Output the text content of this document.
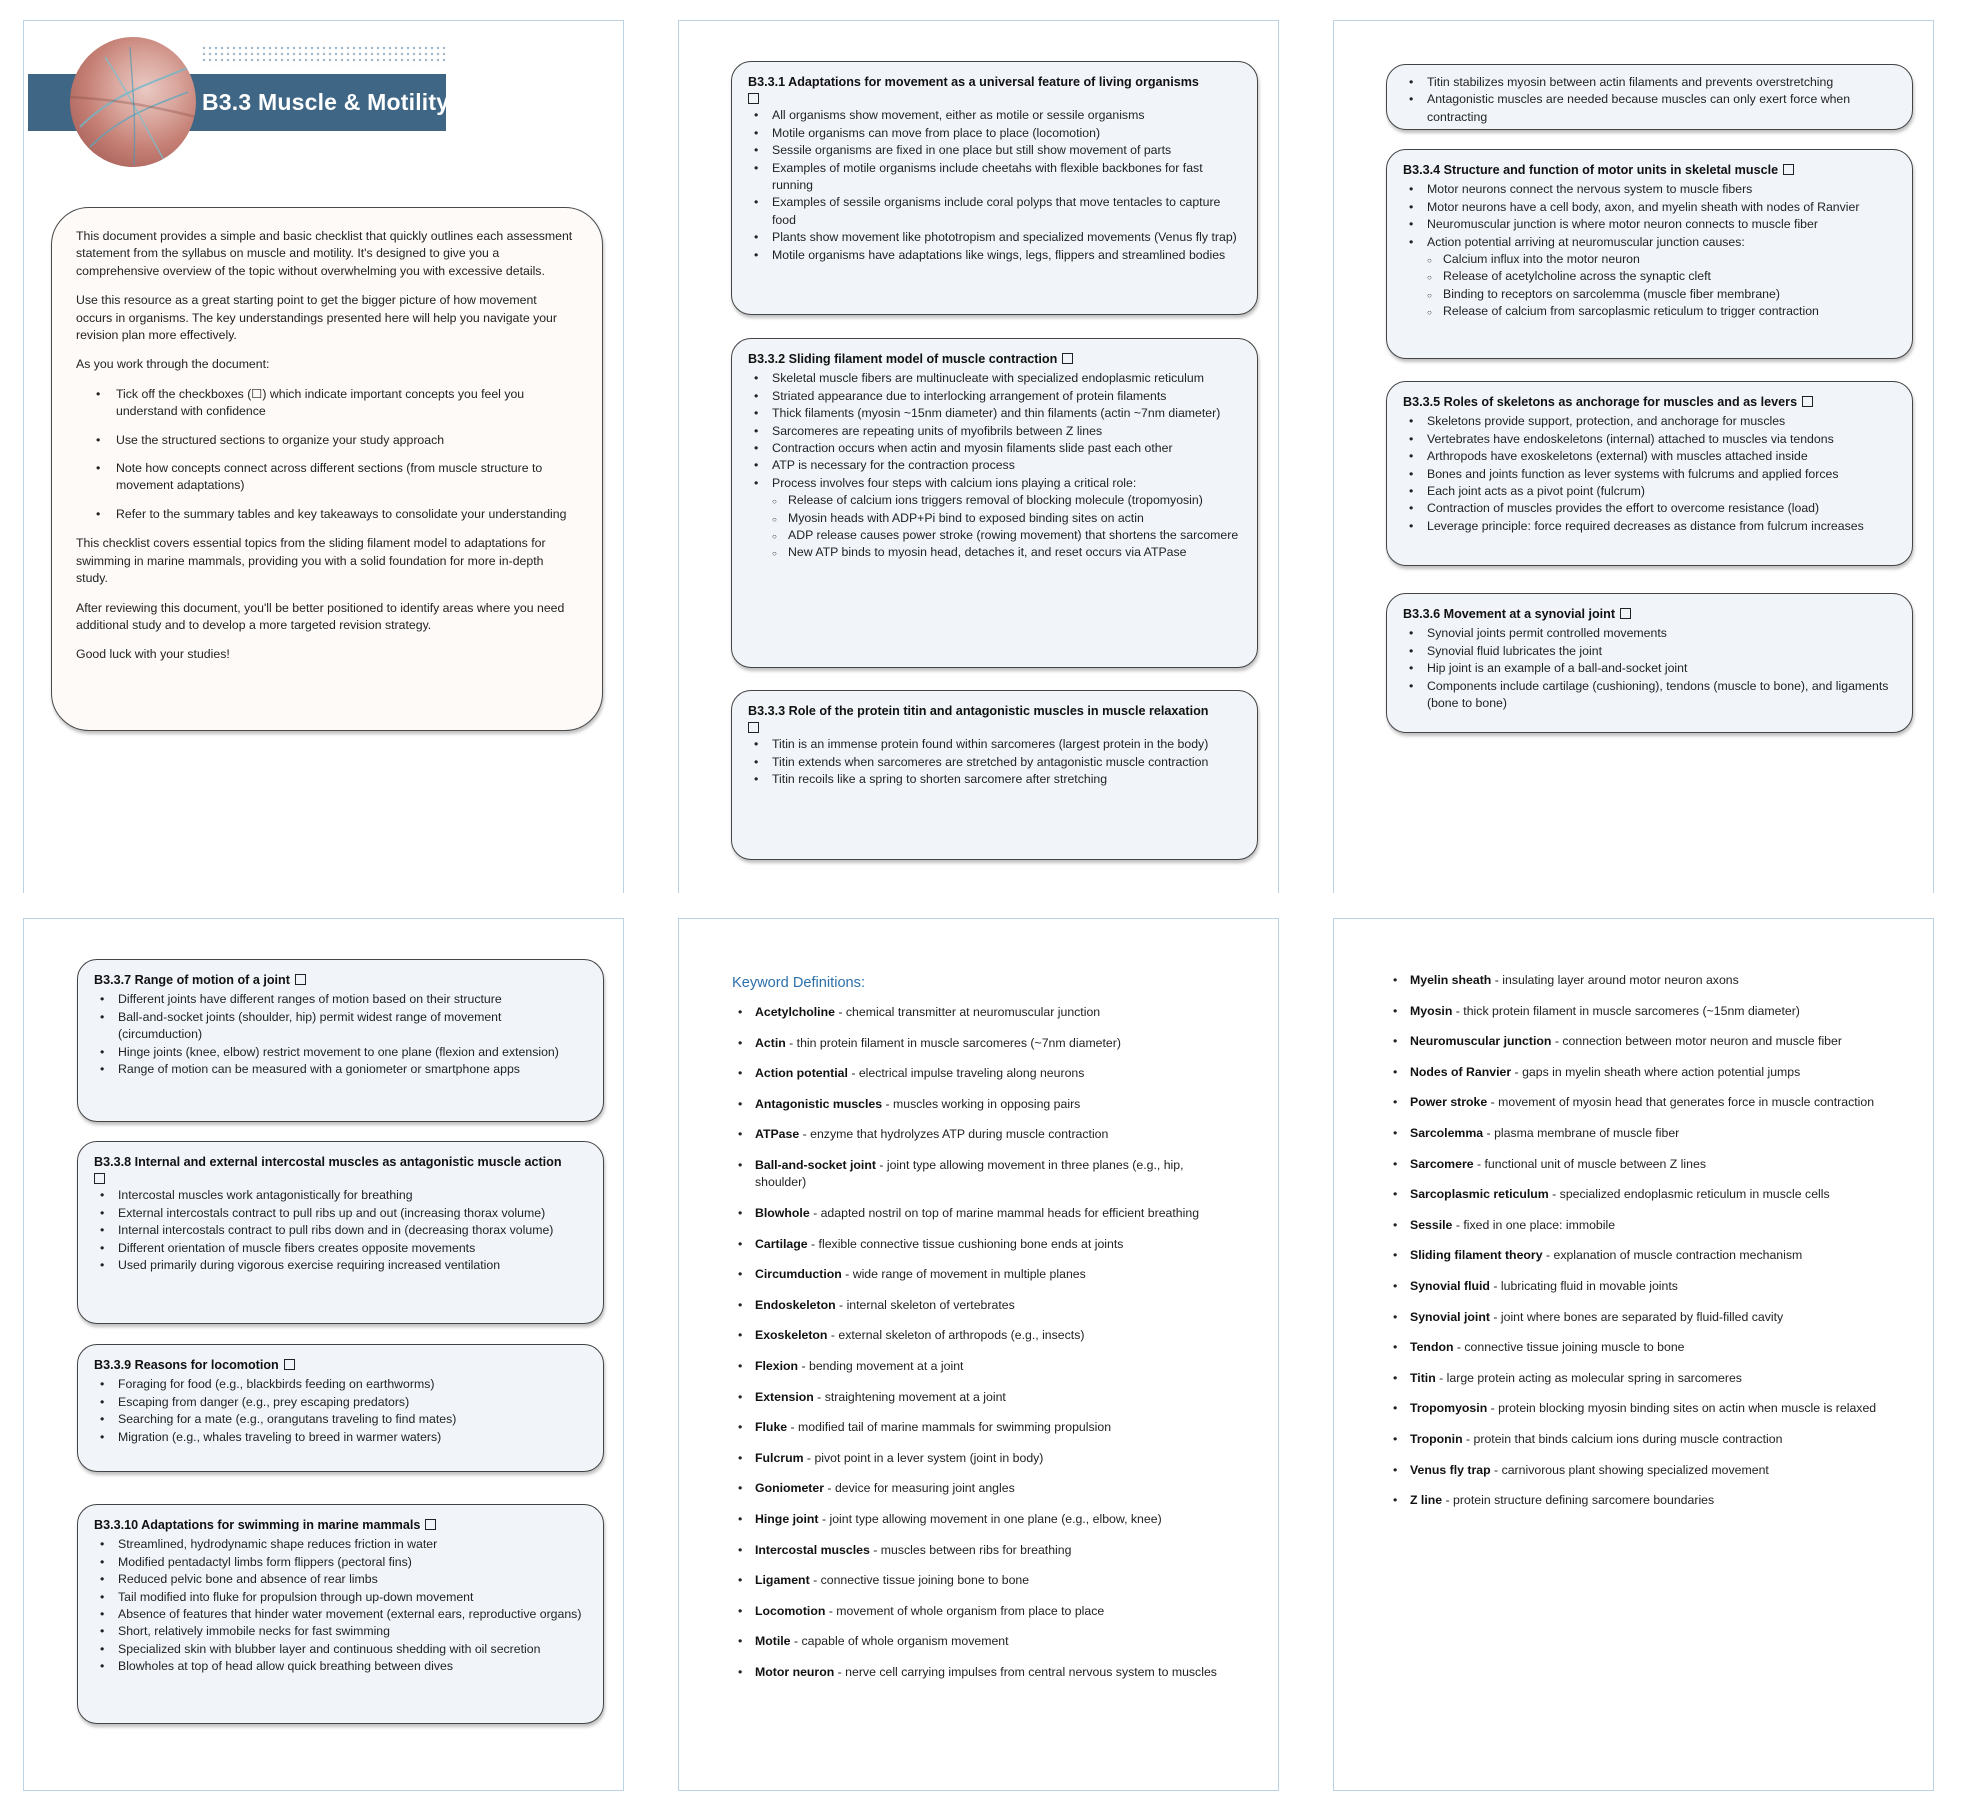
B3.3 Muscle & Motility

This document provides a simple and basic checklist that quickly outlines each assessment statement from the syllabus on muscle and motility. It's designed to give you a comprehensive overview of the topic without overwhelming you with excessive details.

Use this resource as a great starting point to get the bigger picture of how movement occurs in organisms. The key understandings presented here will help you navigate your revision plan more effectively.

As you work through the document:

• Tick off the checkboxes (☐) which indicate important concepts you feel you understand with confidence
• Use the structured sections to organize your study approach
• Note how concepts connect across different sections (from muscle structure to movement adaptations)
• Refer to the summary tables and key takeaways to consolidate your understanding

This checklist covers essential topics from the sliding filament model to adaptations for swimming in marine mammals, providing you with a solid foundation for more in-depth study.

After reviewing this document, you'll be better positioned to identify areas where you need additional study and to develop a more targeted revision strategy.

Good luck with your studies!

B3.3.1 Adaptations for movement as a universal feature of living organisms
• All organisms show movement, either as motile or sessile organisms
• Motile organisms can move from place to place (locomotion)
• Sessile organisms are fixed in one place but still show movement of parts
• Examples of motile organisms include cheetahs with flexible backbones for fast running
• Examples of sessile organisms include coral polyps that move tentacles to capture food
• Plants show movement like phototropism and specialized movements (Venus fly trap)
• Motile organisms have adaptations like wings, legs, flippers and streamlined bodies
B3.3.2 Sliding filament model of muscle contraction
• Skeletal muscle fibers are multinucleate with specialized endoplasmic reticulum
• Striated appearance due to interlocking arrangement of protein filaments
• Thick filaments (myosin ~15nm diameter) and thin filaments (actin ~7nm diameter)
• Sarcomeres are repeating units of myofibrils between Z lines
• Contraction occurs when actin and myosin filaments slide past each other
• ATP is necessary for the contraction process
• Process involves four steps with calcium ions playing a critical role:
○ Release of calcium ions triggers removal of blocking molecule (tropomyosin)
○ Myosin heads with ADP+Pi bind to exposed binding sites on actin
○ ADP release causes power stroke (rowing movement) that shortens the sarcomere
○ New ATP binds to myosin head, detaches it, and reset occurs via ATPase
B3.3.3 Role of the protein titin and antagonistic muscles in muscle relaxation
• Titin is an immense protein found within sarcomeres (largest protein in the body)
• Titin extends when sarcomeres are stretched by antagonistic muscle contraction
• Titin recoils like a spring to shorten sarcomere after stretching
• Titin stabilizes myosin between actin filaments and prevents overstretching
• Antagonistic muscles are needed because muscles can only exert force when contracting
B3.3.4 Structure and function of motor units in skeletal muscle
• Motor neurons connect the nervous system to muscle fibers
• Motor neurons have a cell body, axon, and myelin sheath with nodes of Ranvier
• Neuromuscular junction is where motor neuron connects to muscle fiber
• Action potential arriving at neuromuscular junction causes:
○ Calcium influx into the motor neuron
○ Release of acetylcholine across the synaptic cleft
○ Binding to receptors on sarcolemma (muscle fiber membrane)
○ Release of calcium from sarcoplasmic reticulum to trigger contraction
B3.3.5 Roles of skeletons as anchorage for muscles and as levers
• Skeletons provide support, protection, and anchorage for muscles
• Vertebrates have endoskeletons (internal) attached to muscles via tendons
• Arthropods have exoskeletons (external) with muscles attached inside
• Bones and joints function as lever systems with fulcrums and applied forces
• Each joint acts as a pivot point (fulcrum)
• Contraction of muscles provides the effort to overcome resistance (load)
• Leverage principle: force required decreases as distance from fulcrum increases
B3.3.6 Movement at a synovial joint
• Synovial joints permit controlled movements
• Synovial fluid lubricates the joint
• Hip joint is an example of a ball-and-socket joint
• Components include cartilage (cushioning), tendons (muscle to bone), and ligaments (bone to bone)
B3.3.7 Range of motion of a joint
• Different joints have different ranges of motion based on their structure
• Ball-and-socket joints (shoulder, hip) permit widest range of movement (circumduction)
• Hinge joints (knee, elbow) restrict movement to one plane (flexion and extension)
• Range of motion can be measured with a goniometer or smartphone apps
B3.3.8 Internal and external intercostal muscles as antagonistic muscle action
• Intercostal muscles work antagonistically for breathing
• External intercostals contract to pull ribs up and out (increasing thorax volume)
• Internal intercostals contract to pull ribs down and in (decreasing thorax volume)
• Different orientation of muscle fibers creates opposite movements
• Used primarily during vigorous exercise requiring increased ventilation
B3.3.9 Reasons for locomotion
• Foraging for food (e.g., blackbirds feeding on earthworms)
• Escaping from danger (e.g., prey escaping predators)
• Searching for a mate (e.g., orangutans traveling to find mates)
• Migration (e.g., whales traveling to breed in warmer waters)
B3.3.10 Adaptations for swimming in marine mammals
• Streamlined, hydrodynamic shape reduces friction in water
• Modified pentadactyl limbs form flippers (pectoral fins)
• Reduced pelvic bone and absence of rear limbs
• Tail modified into fluke for propulsion through up-down movement
• Absence of features that hinder water movement (external ears, reproductive organs)
• Short, relatively immobile necks for fast swimming
• Specialized skin with blubber layer and continuous shedding with oil secretion
• Blowholes at top of head allow quick breathing between dives
Keyword Definitions:
• Acetylcholine - chemical transmitter at neuromuscular junction
• Actin - thin protein filament in muscle sarcomeres (~7nm diameter)
• Action potential - electrical impulse traveling along neurons
• Antagonistic muscles - muscles working in opposing pairs
• ATPase - enzyme that hydrolyzes ATP during muscle contraction
• Ball-and-socket joint - joint type allowing movement in three planes (e.g., hip, shoulder)
• Blowhole - adapted nostril on top of marine mammal heads for efficient breathing
• Cartilage - flexible connective tissue cushioning bone ends at joints
• Circumduction - wide range of movement in multiple planes
• Endoskeleton - internal skeleton of vertebrates
• Exoskeleton - external skeleton of arthropods (e.g., insects)
• Flexion - bending movement at a joint
• Extension - straightening movement at a joint
• Fluke - modified tail of marine mammals for swimming propulsion
• Fulcrum - pivot point in a lever system (joint in body)
• Goniometer - device for measuring joint angles
• Hinge joint - joint type allowing movement in one plane (e.g., elbow, knee)
• Intercostal muscles - muscles between ribs for breathing
• Ligament - connective tissue joining bone to bone
• Locomotion - movement of whole organism from place to place
• Motile - capable of whole organism movement
• Motor neuron - nerve cell carrying impulses from central nervous system to muscles
• Myelin sheath - insulating layer around motor neuron axons
• Myosin - thick protein filament in muscle sarcomeres (~15nm diameter)
• Neuromuscular junction - connection between motor neuron and muscle fiber
• Nodes of Ranvier - gaps in myelin sheath where action potential jumps
• Power stroke - movement of myosin head that generates force in muscle contraction
• Sarcolemma - plasma membrane of muscle fiber
• Sarcomere - functional unit of muscle between Z lines
• Sarcoplasmic reticulum - specialized endoplasmic reticulum in muscle cells
• Sessile - fixed in one place: immobile
• Sliding filament theory - explanation of muscle contraction mechanism
• Synovial fluid - lubricating fluid in movable joints
• Synovial joint - joint where bones are separated by fluid-filled cavity
• Tendon - connective tissue joining muscle to bone
• Titin - large protein acting as molecular spring in sarcomeres
• Tropomyosin - protein blocking myosin binding sites on actin when muscle is relaxed
• Troponin - protein that binds calcium ions during muscle contraction
• Venus fly trap - carnivorous plant showing specialized movement
• Z line - protein structure defining sarcomere boundaries
